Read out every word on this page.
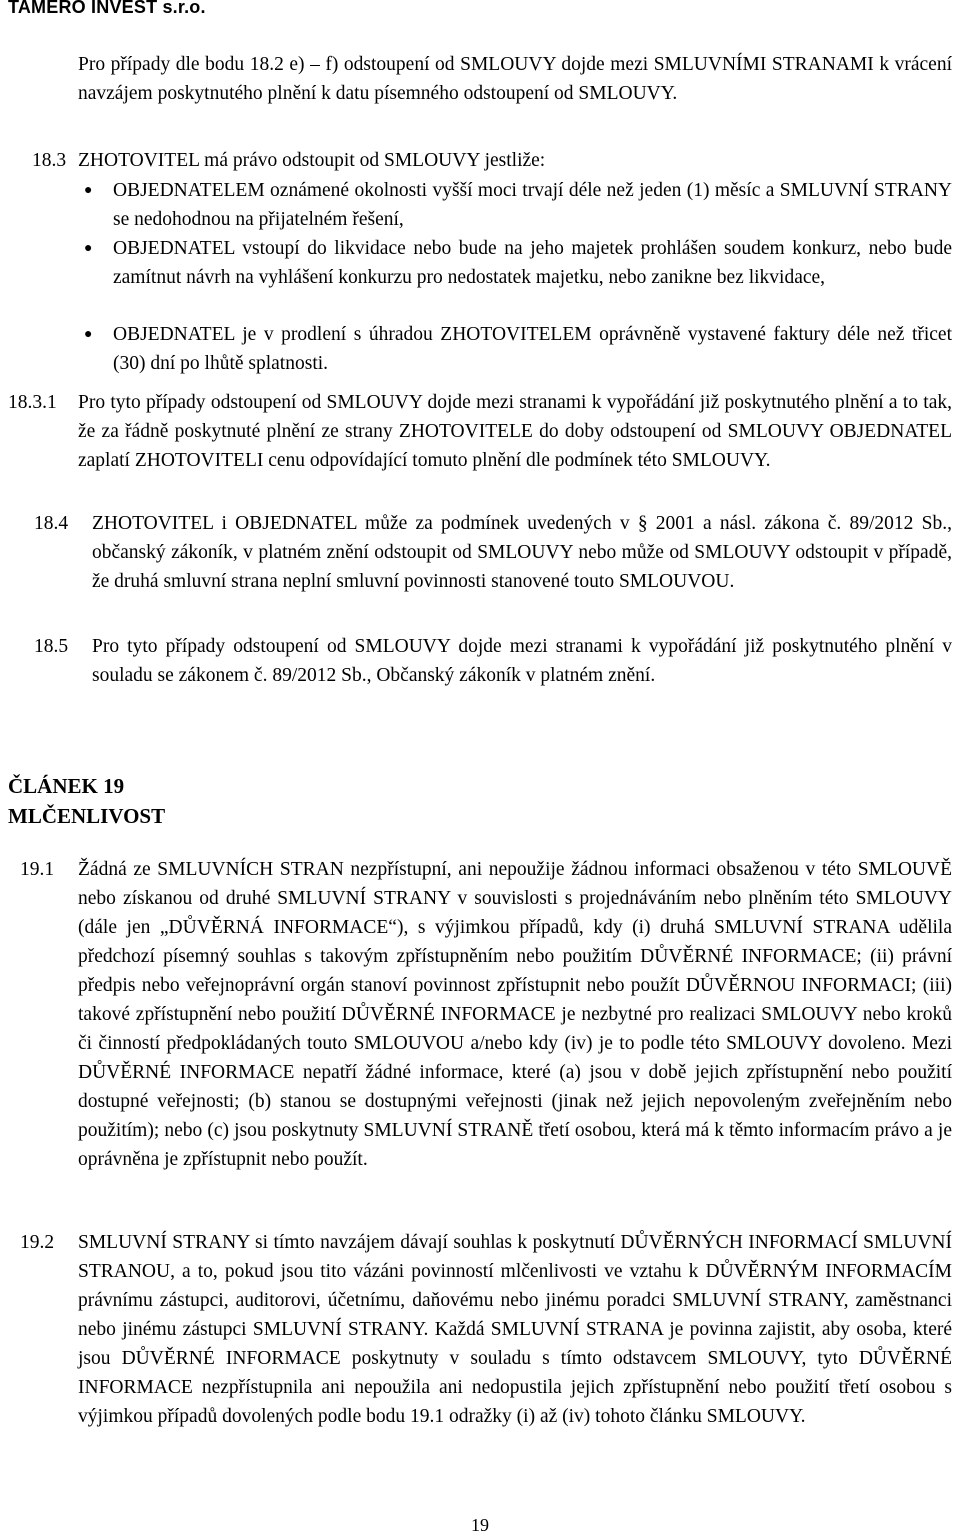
TAMERO INVEST s.r.o.
Pro případy dle bodu 18.2 e) – f) odstoupení od SMLOUVY dojde mezi SMLUVNÍMI STRANAMI k vrácení navzájem poskytnutého plnění k datu písemného odstoupení od SMLOUVY.
18.3 ZHOTOVITEL má právo odstoupit od SMLOUVY jestliže:
● OBJEDNATELEM oznámené okolnosti vyšší moci trvají déle než jeden (1) měsíc a SMLUVNÍ STRANY se nedohodnou na přijatelném řešení,
● OBJEDNATEL vstoupí do likvidace nebo bude na jeho majetek prohlášen soudem konkurz, nebo bude zamítnut návrh na vyhlášení konkurzu pro nedostatek majetku, nebo zanikne bez likvidace,
● OBJEDNATEL je v prodlení s úhradou ZHOTOVITELEM oprávněně vystavené faktury déle než třicet (30) dní po lhůtě splatnosti.
18.3.1 Pro tyto případy odstoupení od SMLOUVY dojde mezi stranami k vypořádání již poskytnutého plnění a to tak, že za řádně poskytnuté plnění ze strany ZHOTOVITELE do doby odstoupení od SMLOUVY OBJEDNATEL zaplatí ZHOTOVITELI cenu odpovídající tomuto plnění dle podmínek této SMLOUVY.
18.4 ZHOTOVITEL i OBJEDNATEL může za podmínek uvedených v § 2001 a násl. zákona č. 89/2012 Sb., občanský zákoník, v platném znění odstoupit od SMLOUVY nebo může od SMLOUVY odstoupit v případě, že druhá smluvní strana neplní smluvní povinnosti stanovené touto SMLOUVOU.
18.5 Pro tyto případy odstoupení od SMLOUVY dojde mezi stranami k vypořádání již poskytnutého plnění v souladu se zákonem č. 89/2012 Sb., Občanský zákoník v platném znění.
ČLÁNEK 19
MLČENLIVOST
19.1 Žádná ze SMLUVNÍCH STRAN nezpřístupní, ani nepoužije žádnou informaci obsaženou v této SMLOUVĚ nebo získanou od druhé SMLUVNÍ STRANY v souvislosti s projednáváním nebo plněním této SMLOUVY (dále jen „DŮVĚRNÁ INFORMACE“), s výjimkou případů, kdy (i) druhá SMLUVNÍ STRANA udělila předchozí písemný souhlas s takovým zpřístupněním nebo použitím DŮVĚRNÉ INFORMACE; (ii) právní předpis nebo veřejnoprávní orgán stanoví povinnost zpřístupnit nebo použít DŮVĚRNOU INFORMACI; (iii) takové zpřístupnění nebo použití DŮVĚRNÉ INFORMACE je nezbytné pro realizaci SMLOUVY nebo kroků či činností předpokládaných touto SMLOUVOU a/nebo kdy (iv) je to podle této SMLOUVY dovoleno. Mezi DŮVĚRNÉ INFORMACE nepatří žádné informace, které (a) jsou v době jejich zpřístupnění nebo použití dostupné veřejnosti; (b) stanou se dostupnými veřejnosti (jinak než jejich nepovoleným zveřejněním nebo použitím); nebo (c) jsou poskytnuty SMLUVNÍ STRANĚ třetí osobou, která má k těmto informacím právo a je oprávněna je zpřístupnit nebo použít.
19.2 SMLUVNÍ STRANY si tímto navzájem dávají souhlas k poskytnutí DŮVĚRNÝCH INFORMACÍ SMLUVNÍ STRANOU, a to, pokud jsou tito vázáni povinností mlčenlivosti ve vztahu k DŮVĚRNÝM INFORMACÍM právnímu zástupci, auditorovi, účetnímu, daňovému nebo jinému poradci SMLUVNÍ STRANY, zaměstnanci nebo jinému zástupci SMLUVNÍ STRANY. Každá SMLUVNÍ STRANA je povinna zajistit, aby osoba, které jsou DŮVĚRNÉ INFORMACE poskytnuty v souladu s tímto odstavcem SMLOUVY, tyto DŮVĚRNÉ INFORMACE nezpřístupnila ani nepoužila ani nedopustila jejich zpřístupnění nebo použití třetí osobou s výjimkou případů dovolených podle bodu 19.1 odražky (i) až (iv) tohoto článku SMLOUVY.
19
